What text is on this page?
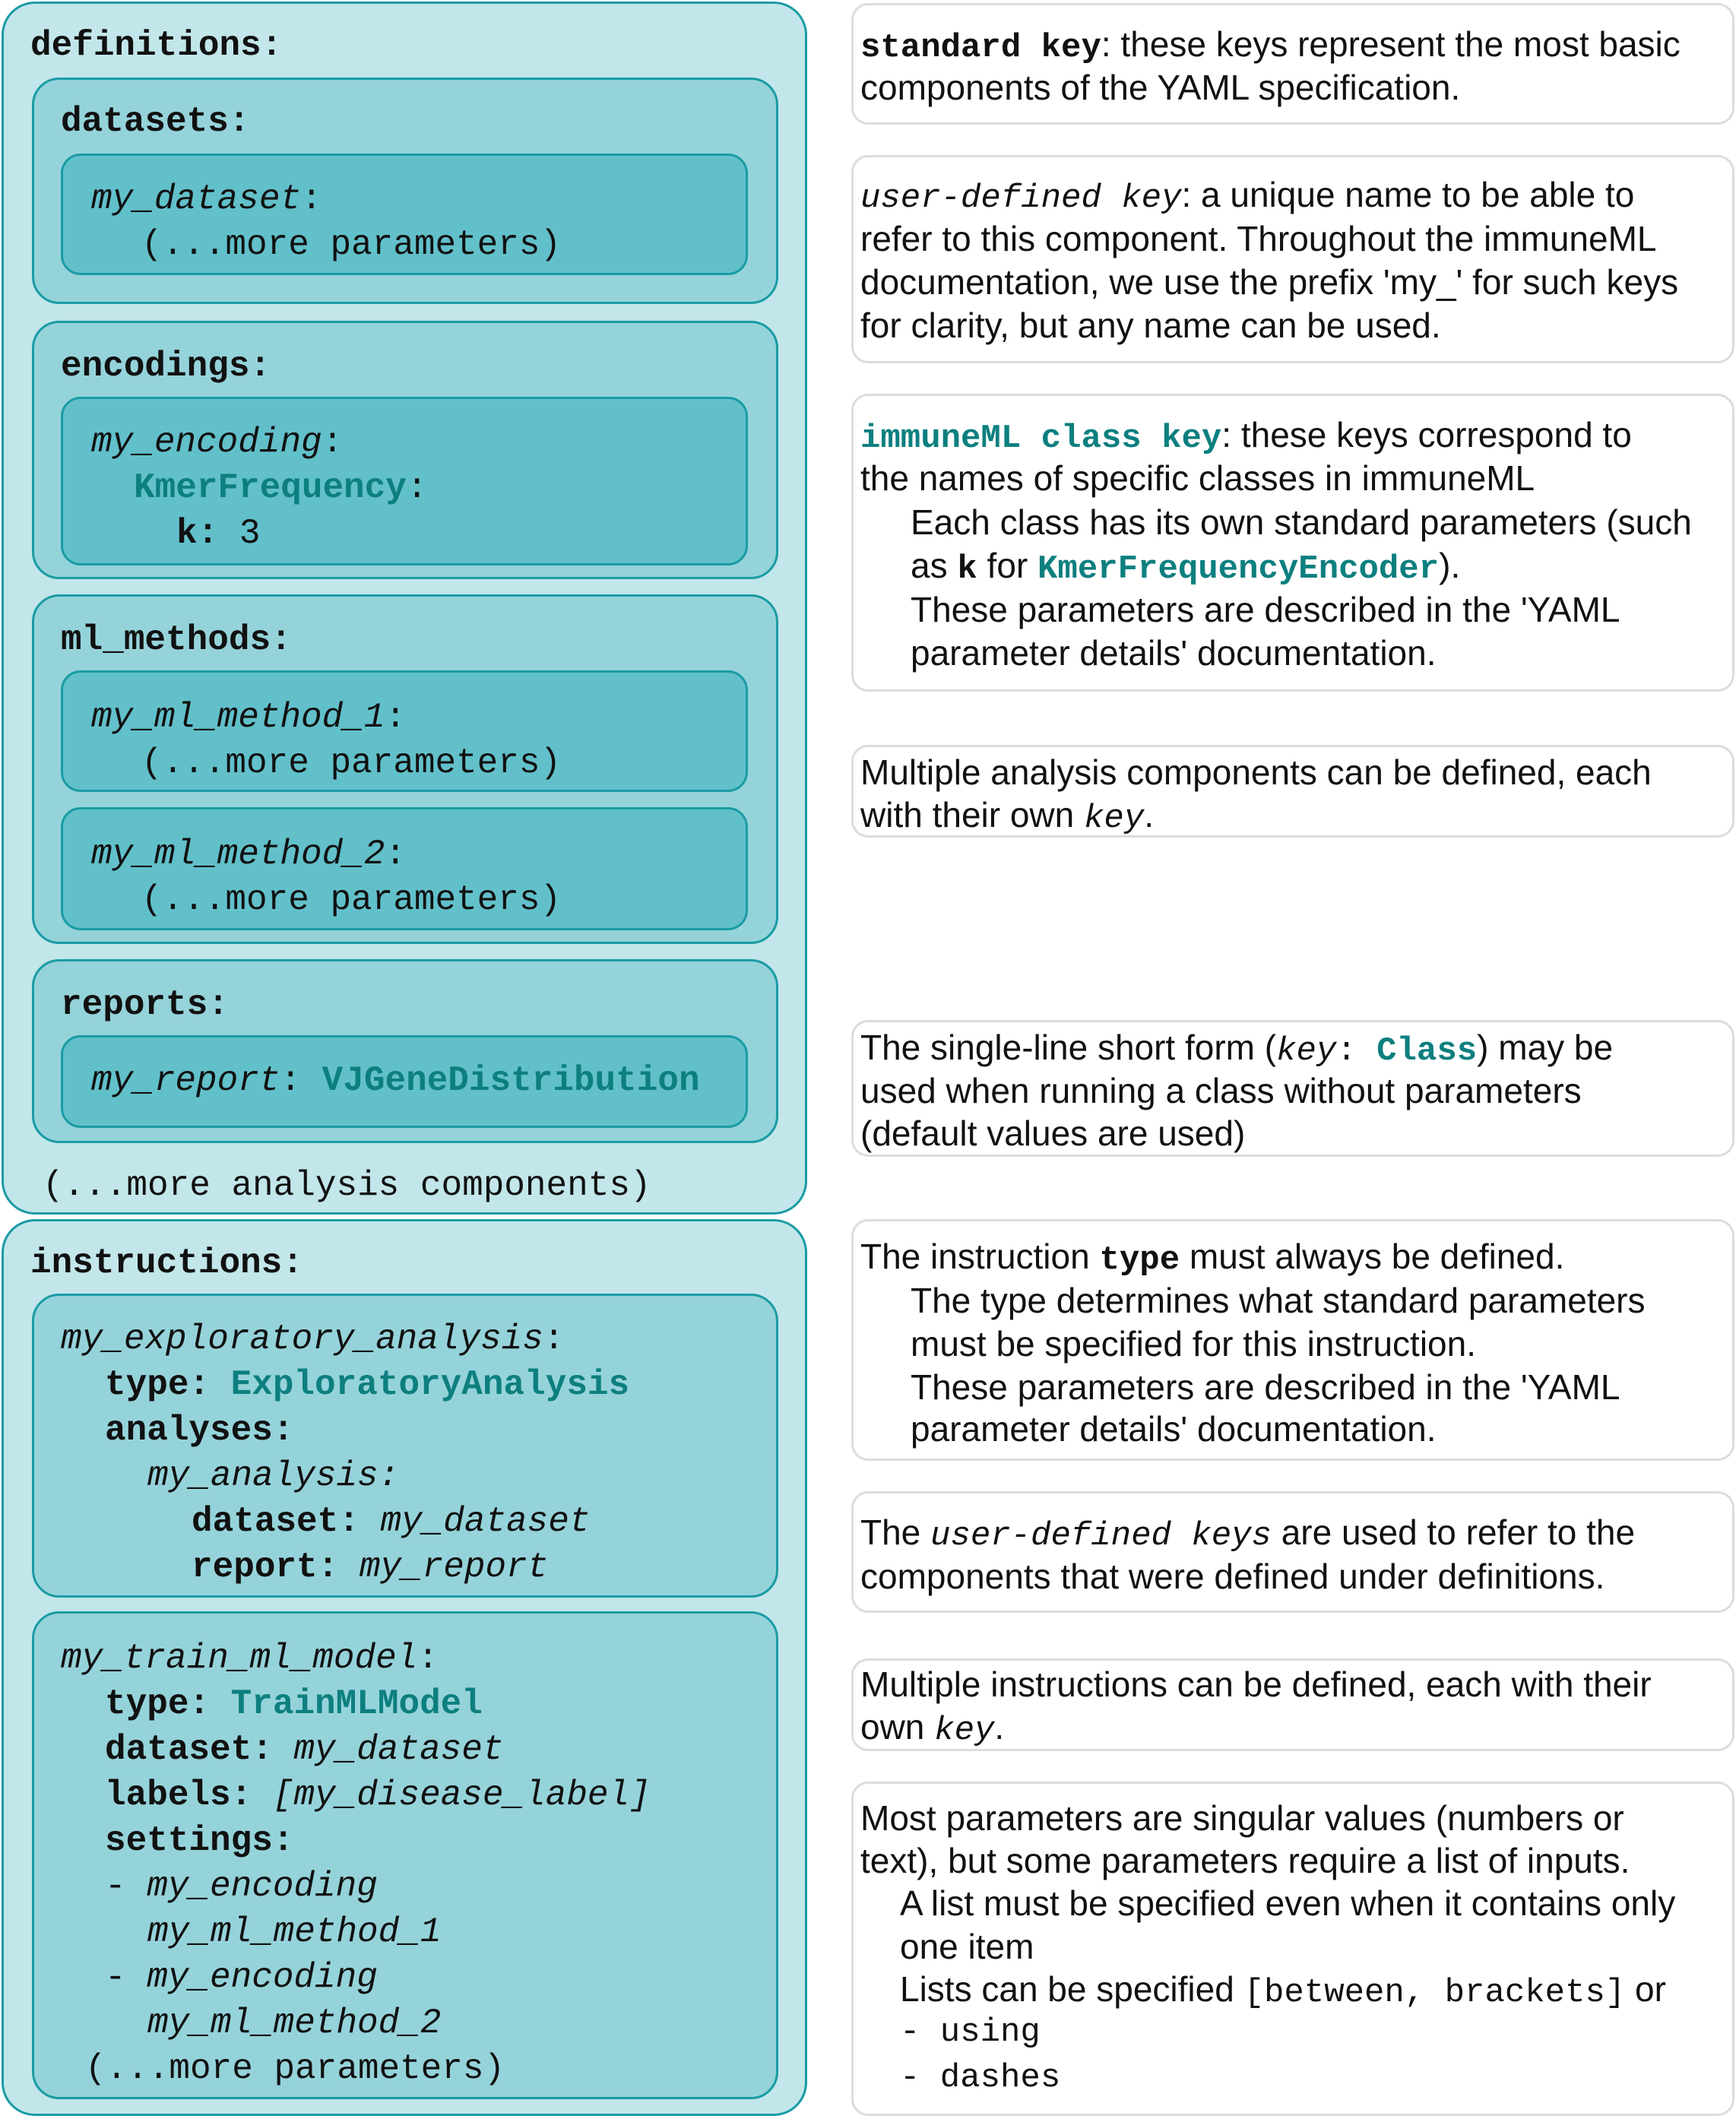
definitions:
datasets:
my_dataset:
(...more parameters)
encodings:
my_encoding:
KmerFrequency:
k: 3
ml_methods:
my_ml_method_1:
(...more parameters)
my_ml_method_2:
(...more parameters)
reports:
my_report: VJGeneDistribution
(...more analysis components)
instructions:
my_exploratory_analysis:
type: ExploratoryAnalysis
analyses:
my_analysis:
dataset: my_dataset
report: my_report
my_train_ml_model:
type: TrainMLModel
dataset: my_dataset
labels: [my_disease_label]
settings:
- my_encoding
my_ml_method_1
- my_encoding
my_ml_method_2
(...more parameters)
standard key: these keys represent the most basic
components of the YAML specification.
user-defined key: a unique name to be able to
refer to this component. Throughout the immuneML
documentation, we use the prefix 'my_' for such keys
for clarity, but any name can be used.
immuneML class key: these keys correspond to
the names of specific classes in immuneML
Each class has its own standard parameters (such
as k for KmerFrequencyEncoder).
These parameters are described in the 'YAML
parameter details' documentation.
Multiple analysis components can be defined, each
with their own key.
The single-line short form (key: Class) may be
used when running a class without parameters
(default values are used)
The instruction type must always be defined.
The type determines what standard parameters
must be specified for this instruction.
These parameters are described in the 'YAML
parameter details' documentation.
The user-defined keys are used to refer to the
components that were defined under definitions.
Multiple instructions can be defined, each with their
own key.
Most parameters are singular values (numbers or
text), but some parameters require a list of inputs.
A list must be specified even when it contains only
one item
Lists can be specified [between, brackets] or
- using
- dashes
